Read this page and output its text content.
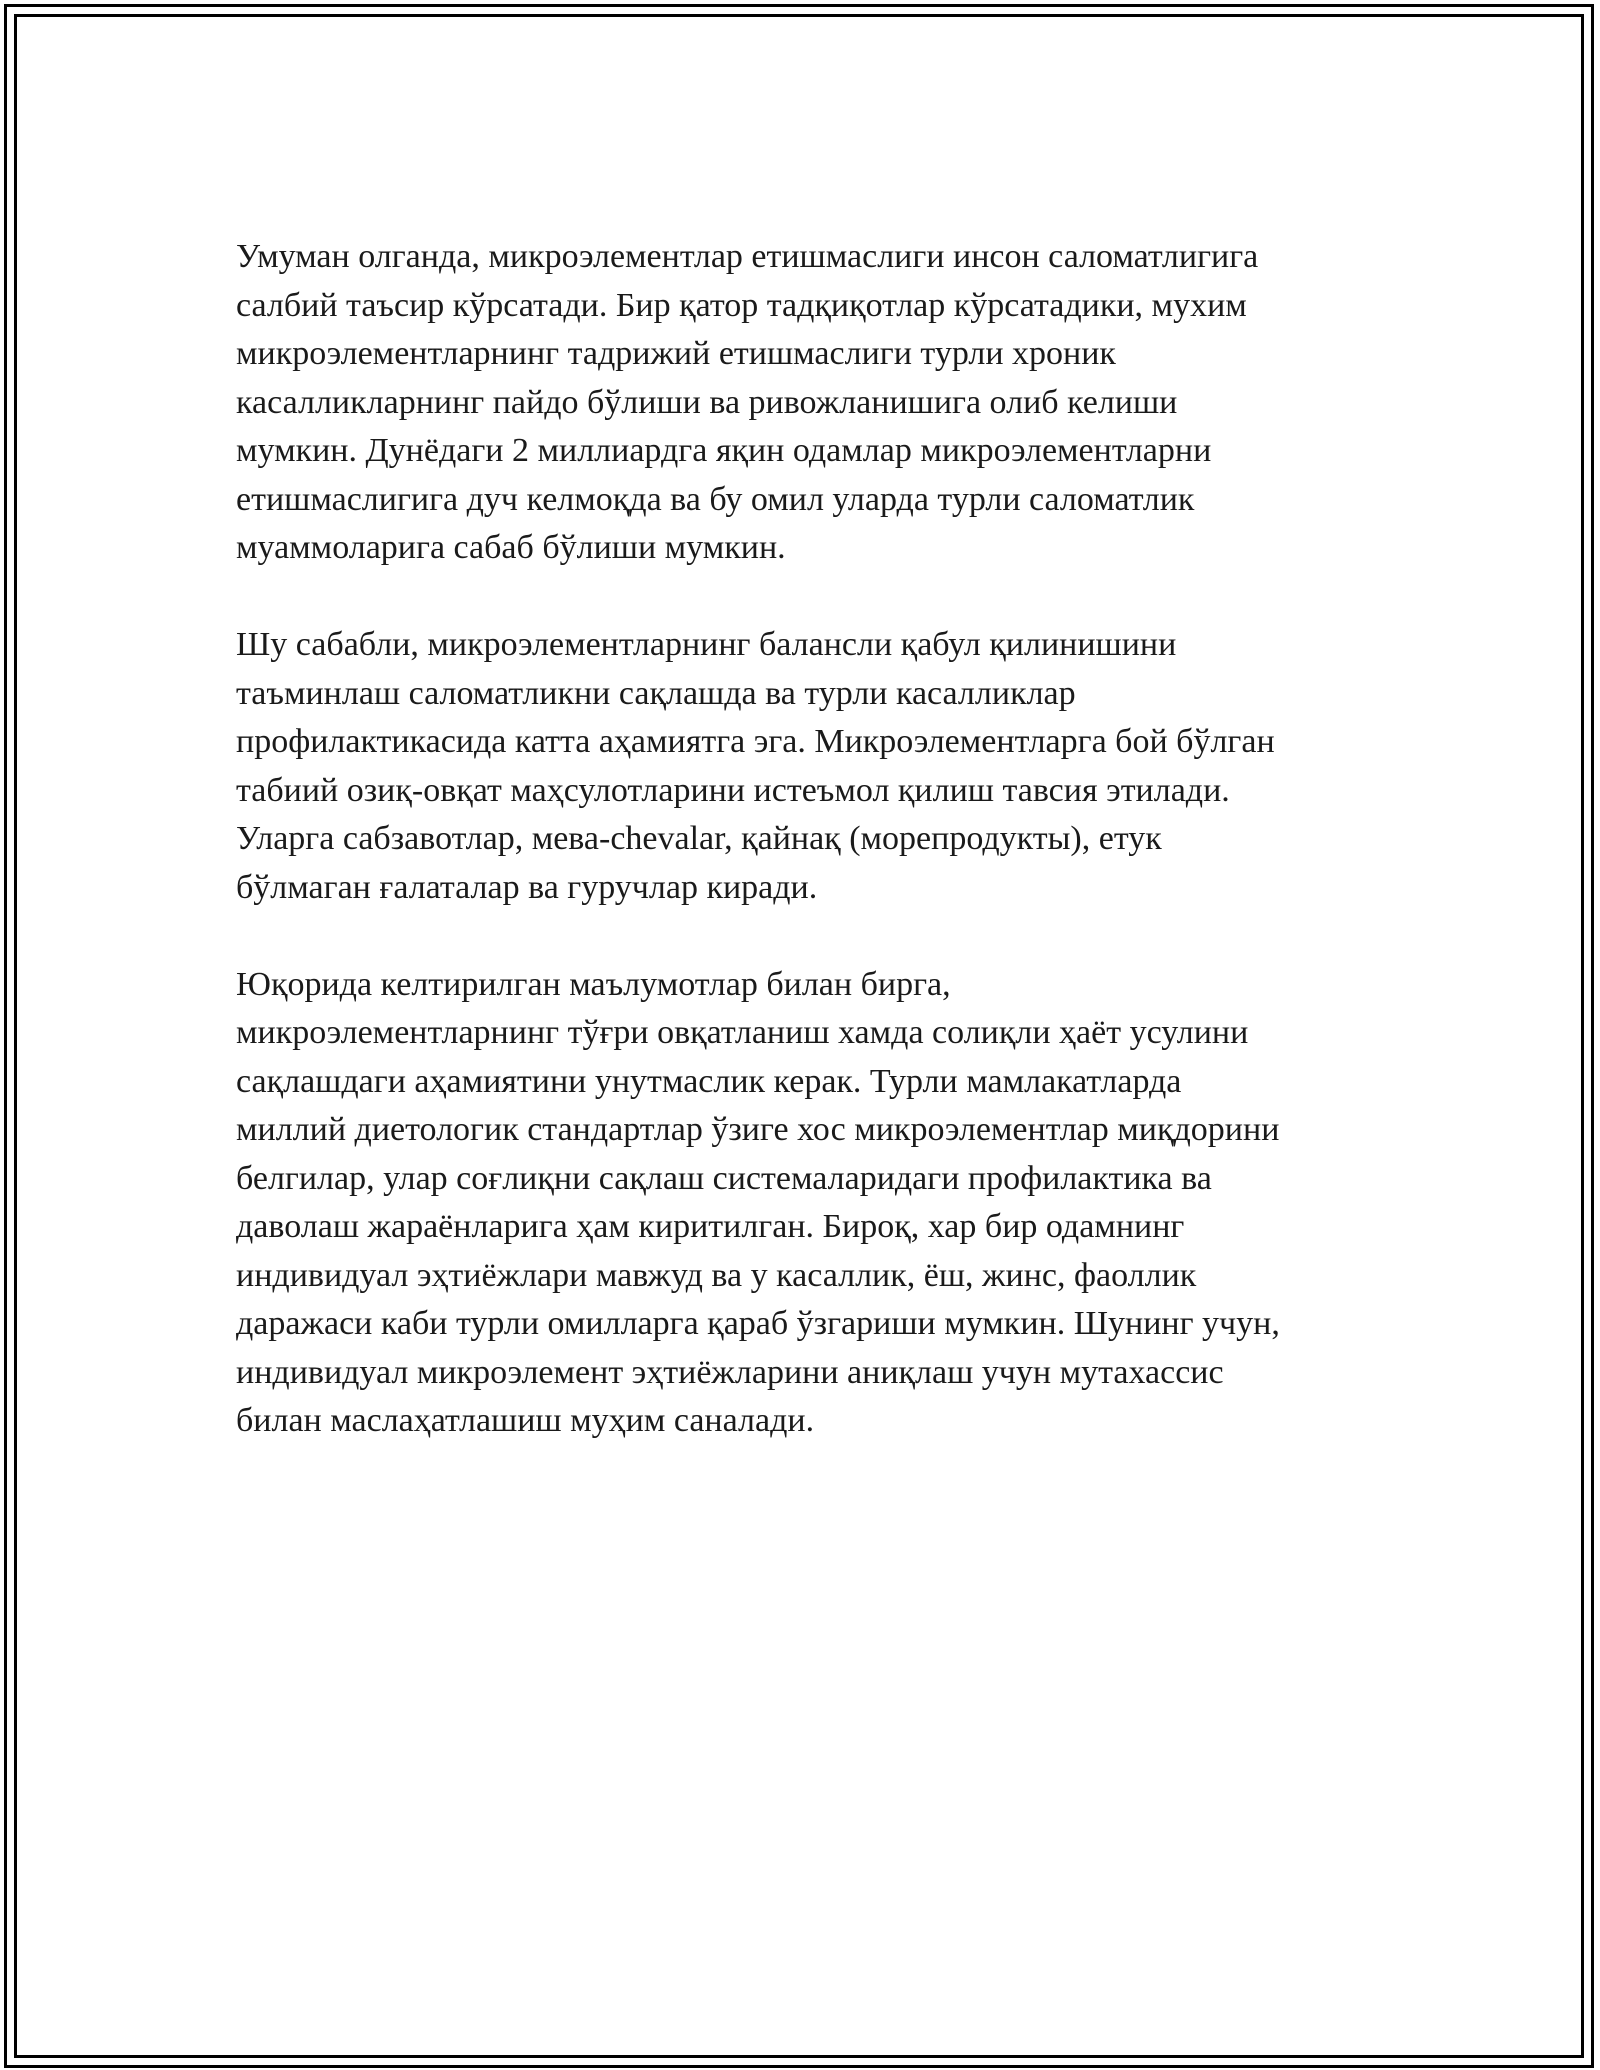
Умуман олганда, микроэлементлар етишмаслиги инсон саломатлигига
салбий таъсир кўрсатади. Бир қатор тадқиқотлар кўрсатадики, мухим
микроэлементларнинг тадрижий етишмаслиги турли хроник
касалликларнинг пайдо бўлиши ва ривожланишига олиб келиши
мумкин. Дунёдаги 2 миллиардга яқин одамлар микроэлементларни
етишмаслигига дуч келмоқда ва бу омил уларда турли саломатлик
муаммоларига сабаб бўлиши мумкин.

Шу сабабли, микроэлементларнинг балансли қабул қилинишини
таъминлаш саломатликни сақлашда ва турли касалликлар
профилактикасида катта аҳамиятга эга. Микроэлементларга бой бўлган
табиий озиқ-овқат маҳсулотларини истеъмол қилиш тавсия этилади.
Уларга сабзавотлар, мева-chevalar, қайнақ (морепродукты), етук
бўлмаган ғалаталар ва гуручлар киради.

Юқорида келтирилган маълумотлар билан бирга,
микроэлементларнинг тўғри овқатланиш хамда солиқли ҳаёт усулини
сақлашдаги аҳамиятини унутмаслик керак. Турли мамлакатларда
миллий диетологик стандартлар ўзиге хос микроэлементлар миқдорини
белгилар, улар соғлиқни сақлаш системаларидаги профилактика ва
даволаш жараёнларига ҳам киритилган. Бироқ, хар бир одамнинг
индивидуал эҳтиёжлари мавжуд ва у касаллик, ёш, жинс, фаоллик
даражаси каби турли омилларга қараб ўзгариши мумкин. Шунинг учун,
индивидуал микроэлемент эҳтиёжларини аниқлаш учун мутахассис
билан маслаҳатлашиш муҳим саналади.
